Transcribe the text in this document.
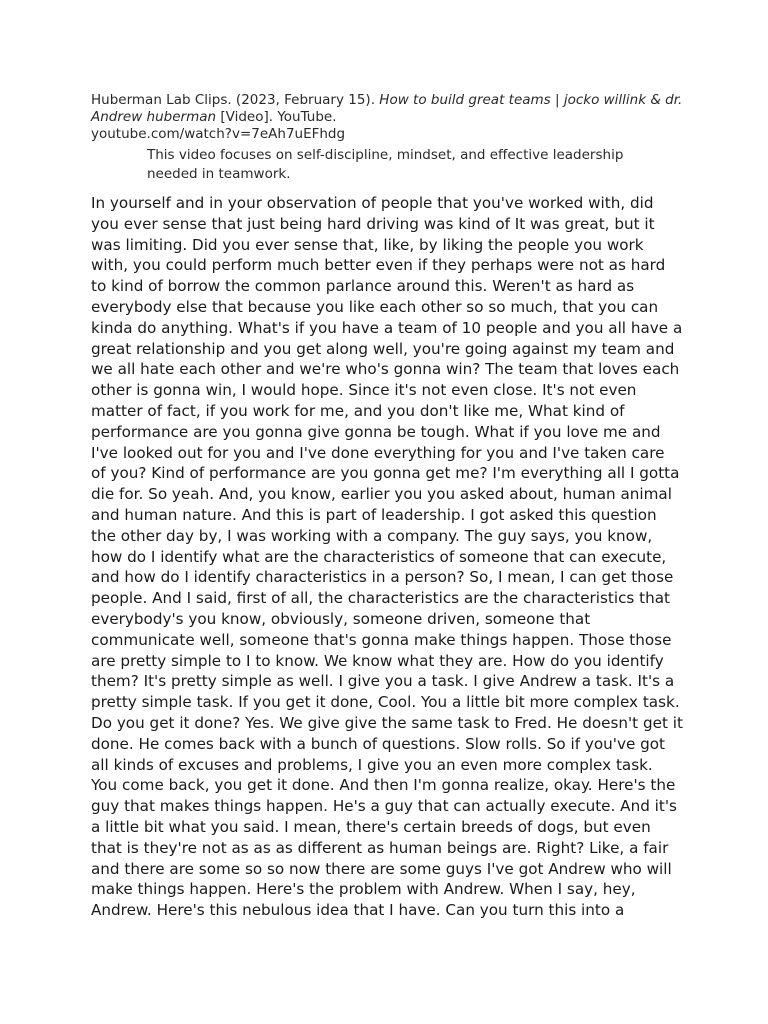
Huberman Lab Clips. (2023, February 15). How to build great teams | jocko willink & dr. Andrew huberman [Video]. YouTube.
youtube.com/watch?v=7eAh7uEFhdg
This video focuses on self-discipline, mindset, and effective leadership needed in teamwork.
In yourself and in your observation of people that you've worked with, did you ever sense that just being hard driving was kind of It was great, but it was limiting. Did you ever sense that, like, by liking the people you work with, you could perform much better even if they perhaps were not as hard to kind of borrow the common parlance around this. Weren't as hard as everybody else that because you like each other so so much, that you can kinda do anything. What's if you have a team of 10 people and you all have a great relationship and you get along well, you're going against my team and we all hate each other and we're who's gonna win? The team that loves each other is gonna win, I would hope. Since it's not even close. It's not even matter of fact, if you work for me, and you don't like me, What kind of performance are you gonna give gonna be tough. What if you love me and I've looked out for you and I've done everything for you and I've taken care of you? Kind of performance are you gonna get me? I'm everything all I gotta die for. So yeah. And, you know, earlier you you asked about, human animal and human nature. And this is part of leadership. I got asked this question the other day by, I was working with a company. The guy says, you know, how do I identify what are the characteristics of someone that can execute, and how do I identify characteristics in a person? So, I mean, I can get those people. And I said, first of all, the characteristics are the characteristics that everybody's you know, obviously, someone driven, someone that communicate well, someone that's gonna make things happen. Those those are pretty simple to I to know. We know what they are. How do you identify them? It's pretty simple as well. I give you a task. I give Andrew a task. It's a pretty simple task. If you get it done, Cool. You a little bit more complex task. Do you get it done? Yes. We give give the same task to Fred. He doesn't get it done. He comes back with a bunch of questions. Slow rolls. So if you've got all kinds of excuses and problems, I give you an even more complex task. You come back, you get it done. And then I'm gonna realize, okay. Here's the guy that makes things happen. He's a guy that can actually execute. And it's a little bit what you said. I mean, there's certain breeds of dogs, but even that is they're not as as as different as human beings are. Right? Like, a fair and there are some so so now there are some guys I've got Andrew who will make things happen. Here's the problem with Andrew. When I say, hey, Andrew. Here's this nebulous idea that I have. Can you turn this into a
